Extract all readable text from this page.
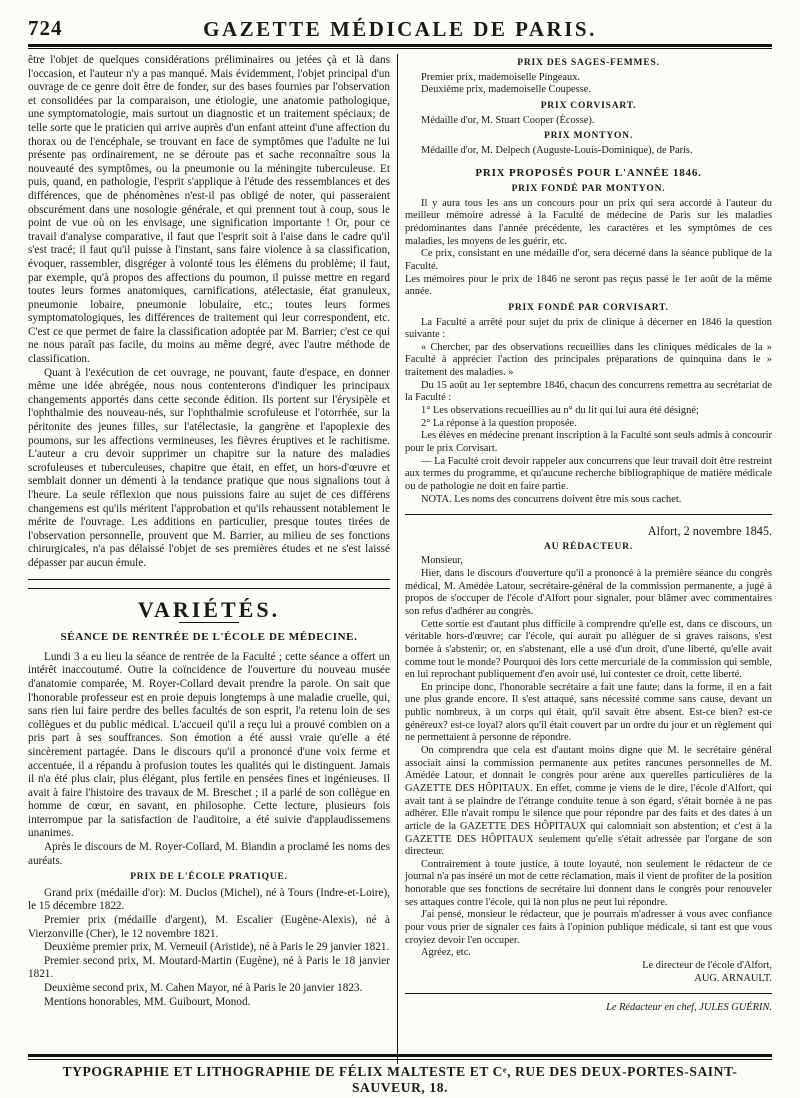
724	GAZETTE MÉDICALE DE PARIS.

être l'objet de quelques considérations préliminaires ou jetées çà et là dans l'occasion, et l'auteur n'y a pas manqué. Mais évidemment, l'objet principal d'un ouvrage de ce genre doit être de fonder, sur des bases fournies par l'observation et consolidées par la comparaison, une étiologie, une anatomie pathologique, une symptomatologie, mais surtout un diagnostic et un traitement spéciaux; de telle sorte que le praticien qui arrive auprès d'un enfant atteint d'une affection du thorax ou de l'encéphale, se trouvant en face de symptômes que l'adulte ne lui présente pas ordinairement, ne se déroute pas et sache reconnaître sous la nouveauté des symptômes, ou la pneumonie ou la méningite tuberculeuse. Et puis, quand, en pathologie, l'esprit s'applique à l'étude des ressemblances et des différences, que de phénomènes n'est-il pas obligé de noter, qui passeraient obscurément dans une nosologie générale, et qui prennent tout à coup, sous le point de vue où on les envisage, une signification importante ! Or, pour ce travail d'analyse comparative, il faut que l'esprit soit à l'aise dans le cadre qu'il s'est tracé; il faut qu'il puisse à l'instant, sans faire violence à sa classification, évoquer, rassembler, disgréger à volonté tous les élémens du problème; il faut, par exemple, qu'à propos des affections du poumon, il puisse mettre en regard toutes leurs formes anatomiques, carnifications, atélectasie, état granuleux, pneumonie lobaire, pneumonie lobulaire, etc.; toutes leurs formes symptomatologiques, les différences de traitement qui leur correspondent, etc. C'est ce que permet de faire la classification adoptée par M. Barrier; c'est ce qui ne nous paraît pas facile, du moins au même degré, avec l'autre méthode de classification.

Quant à l'exécution de cet ouvrage, ne pouvant, faute d'espace, en donner même une idée abrégée, nous nous contenterons d'indiquer les principaux changements apportés dans cette seconde édition. Ils portent sur l'érysipèle et l'ophthalmie des nouveau-nés, sur l'ophthalmie scrofuleuse et l'otorrhée, sur la péritonite des jeunes filles, sur l'atélectasie, la gangrène et l'apoplexie des poumons, sur les affections vermineuses, les fièvres éruptives et le rachitisme. L'auteur a cru devoir supprimer un chapitre sur la nature des maladies scrofuleuses et tuberculeuses, chapitre que était, en effet, un hors-d'œuvre et semblait donner un démenti à la tendance pratique que nous signalions tout à l'heure. La seule réflexion que nous puissions faire au sujet de ces différens changemens est qu'ils méritent l'approbation et qu'ils rehaussent notablement le mérite de l'ouvrage. Les additions en particulier, presque toutes tirées de l'observation personnelle, prouvent que M. Barrier, au milieu de ses fonctions chirurgicales, n'a pas délaissé l'objet de ses premières études et ne s'est laissé dépasser par aucun émule.

VARIÉTÉS.
SÉANCE DE RENTRÉE DE L'ÉCOLE DE MÉDECINE.

Lundi 3 a eu lieu la séance de rentrée de la Faculté ; cette séance a offert un intérêt inaccoutumé. Outre la coïncidence de l'ouverture du nouveau musée d'anatomie comparée, M. Royer-Collard devait prendre la parole. On sait que l'honorable professeur est en proie depuis longtemps à une maladie cruelle, qui, sans rien lui faire perdre des belles facultés de son esprit, l'a retenu loin de ses collègues et du public médical. L'accueil qu'il a reçu lui a prouvé combien on a pris part à ses souffrances. Son émotion a été aussi vraie qu'elle a été sincèrement partagée. Dans le discours qu'il a prononcé d'une voix ferme et accentuée, il a répandu à profusion toutes les qualités qui le distinguent. Jamais il n'a été plus clair, plus élégant, plus fertile en pensées fines et ingénieuses. Il avait à faire l'histoire des travaux de M. Breschet ; il a parlé de son collègue en homme de cœur, en savant, en philosophe. Cette lecture, plusieurs fois interrompue par la satisfaction de l'auditoire, a été suivie d'applaudissemens unanimes.

Après le discours de M. Royer-Collard, M. Blandin a proclamé les noms des auréats.

PRIX DE L'ÉCOLE PRATIQUE.

Grand prix (médaille d'or): M. Duclos (Michel), né à Tours (Indre-et-Loire), le 15 décembre 1822.

Premier prix (médaille d'argent), M. Escalier (Eugène-Alexis), né à Vierzonville (Cher), le 12 novembre 1821.

Deuxième premier prix, M. Verneuil (Aristide), né à Paris le 29 janvier 1821.

Premier second prix, M. Moutard-Martin (Eugène), né à Paris le 18 janvier 1821.

Deuxième second prix, M. Cahen Mayor, né à Paris le 20 janvier 1823.

Mentions honorables, MM. Guibourt, Monod.

PRIX DES SAGES-FEMMES.

Premier prix, mademoiselle Pingeaux.

Deuxième prix, mademoiselle Coupesse.

PRIX CORVISART.

Médaille d'or, M. Stuart Cooper (Écosse).

PRIX MONTYON.

Médaille d'or, M. Delpech (Auguste-Louis-Dominique), de Paris.

PRIX PROPOSÉS POUR L'ANNÉE 1846.
PRIX FONDÉ PAR MONTYON.

Il y aura tous les ans un concours pour un prix qui sera accordé à l'auteur du meilleur mémoire adressé à la Faculté de médecine de Paris sur les maladies prédominantes dans l'année précédente, les caractères et les symptômes de ces maladies, les moyens de les guérir, etc.

Ce prix, consistant en une médaille d'or, sera décerné dans la séance publique de la Faculté.

Les mémoires pour le prix de 1846 ne seront pas reçus passé le 1er août de la même année.

PRIX FONDÉ PAR CORVISART.

La Faculté a arrêté pour sujet du prix de clinique à décerner en 1846 la question suivante :

« Chercher, par des observations recueillies dans les cliniques médicales de la » Faculté à apprécier l'action des principales préparations de quinquina dans le » traitement des maladies. »

Du 15 août au 1er septembre 1846, chacun des concurrens remettra au secrétariat de la Faculté :

1° Les observations recueillies au n° du lit qui lui aura été désigné;

2° La réponse à la question proposée.

Les élèves en médecine prenant inscription à la Faculté sont seuls admis à concourir pour le prix Corvisart.

— La Faculté croit devoir rappeler aux concurrens que leur travail doit être restreint aux termes du programme, et qu'aucune recherche bibliographique de matière médicale ou de pathologie ne doit en faire partie.

NOTA. Les noms des concurrens doivent être mis sous cachet.

Alfort, 2 novembre 1845.
AU RÉDACTEUR.

Monsieur,

Hier, dans le discours d'ouverture qu'il a prononcé à la première séance du congrès médical, M. Amédée Latour, secrétaire-général de la commission permanente, a jugé à propos de s'occuper de l'école d'Alfort pour signaler, pour blâmer avec commentaires son refus d'adhérer au congrès.

Cette sortie est d'autant plus difficile à comprendre qu'elle est, dans ce discours, un véritable hors-d'œuvre; car l'école, qui aurait pu alléguer de si graves raisons, s'est bornée à s'abstenir; or, en s'abstenant, elle a usé d'un droit, d'une liberté, qu'elle avait comme tout le monde? Pourquoi dès lors cette mercuriale de la commission qui semble, en lui reprochant publiquement d'en avoir usé, lui contester ce droit, cette liberté.

En principe donc, l'honorable secrétaire a fait une faute; dans la forme, il en a fait une plus grande encore. Il s'est attaqué, sans nécessité comme sans cause, devant un public nombreux, à un corps qui était, qu'il savait être absent. Est-ce bien? est-ce généreux? est-ce loyal? alors qu'il était couvert par un ordre du jour et un règlement qui ne permettaient à personne de répondre.

On comprendra que cela est d'autant moins digne que M. le secrétaire général associait ainsi la commission permanente aux petites rancunes personnelles de M. Amédée Latour, et donnait le congrès pour arène aux querelles particulières de la GAZETTE DES HÔPITAUX. En effet, comme je viens de le dire, l'école d'Alfort, qui avait tant à se plaindre de l'étrange conduite tenue à son égard, s'était bornée à ne pas adhérer. Elle n'avait rompu le silence que pour répondre par des faits et des dates à un article de la GAZETTE DES HÔPITAUX qui calomniait son abstention; et c'est à la GAZETTE DES HÔPITAUX seulement qu'elle s'était adressée par l'organe de son directeur.

Contrairement à toute justice, à toute loyauté, non seulement le rédacteur de ce journal n'a pas inséré un mot de cette réclamation, mais il vient de profiter de la position honorable que ses fonctions de secrétaire lui donnent dans le congrès pour renouveler ses attaques contre l'école, qui là non plus ne peut lui répondre.

J'ai pensé, monsieur le rédacteur, que je pourrais m'adresser à vous avec confiance pour vous prier de signaler ces faits à l'opinion publique médicale, si tant est que vous croyiez devoir l'en occuper.

Agréez, etc.

Le directeur de l'école d'Alfort,
AUG. ARNAULT.
Le Rédacteur en chef, JULES GUÉRIN.
TYPOGRAPHIE ET LITHOGRAPHIE DE FÉLIX MALTESTE ET Cᵉ, RUE DES DEUX-PORTES-SAINT-SAUVEUR, 18.
